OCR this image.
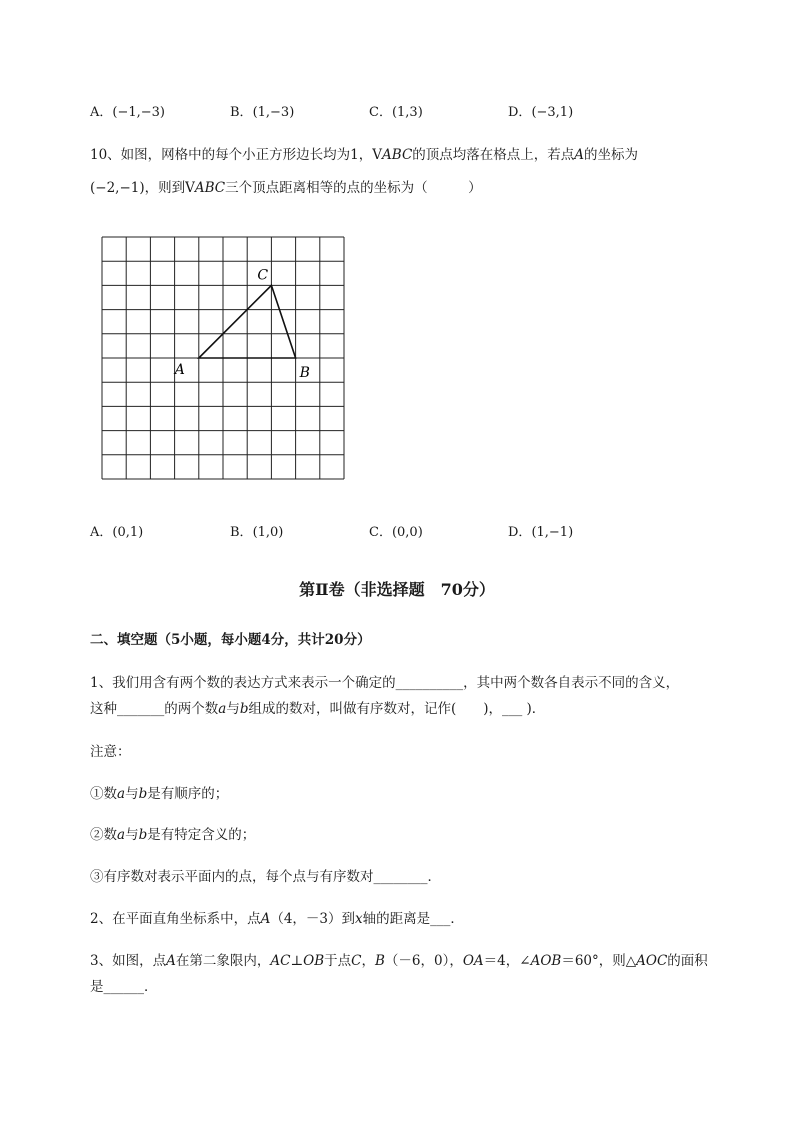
A．(−1,−3)	B．(1,−3)	C．(1,3)	D．(−3,1)
10、如图，网格中的每个小正方形边长均为1，VABC的顶点均落在格点上，若点A的坐标为
(−2,−1)，则到VABC三个顶点距离相等的点的坐标为（　　　）
A	B
C
A．(0,1)	B．(1,0)	C．(0,0)	D．(1,−1)
第Ⅱ卷（非选择题　70分）
二、填空题（5小题，每小题4分，共计20分）
1、我们用含有两个数的表达方式来表示一个确定的__________，其中两个数各自表示不同的含义，
这种_______的两个数a与b组成的数对，叫做有序数对，记作(　　)，___ )．
注意：
①数a与b是有顺序的；
②数a与b是有特定含义的；
③有序数对表示平面内的点，每个点与有序数对________．
2、在平面直角坐标系中，点A（4，－3）到x轴的距离是___．
3、如图，点A在第二象限内，AC⊥OB于点C，B（－6，0），OA＝4，∠AOB＝60°，则△AOC的面积
是______．
